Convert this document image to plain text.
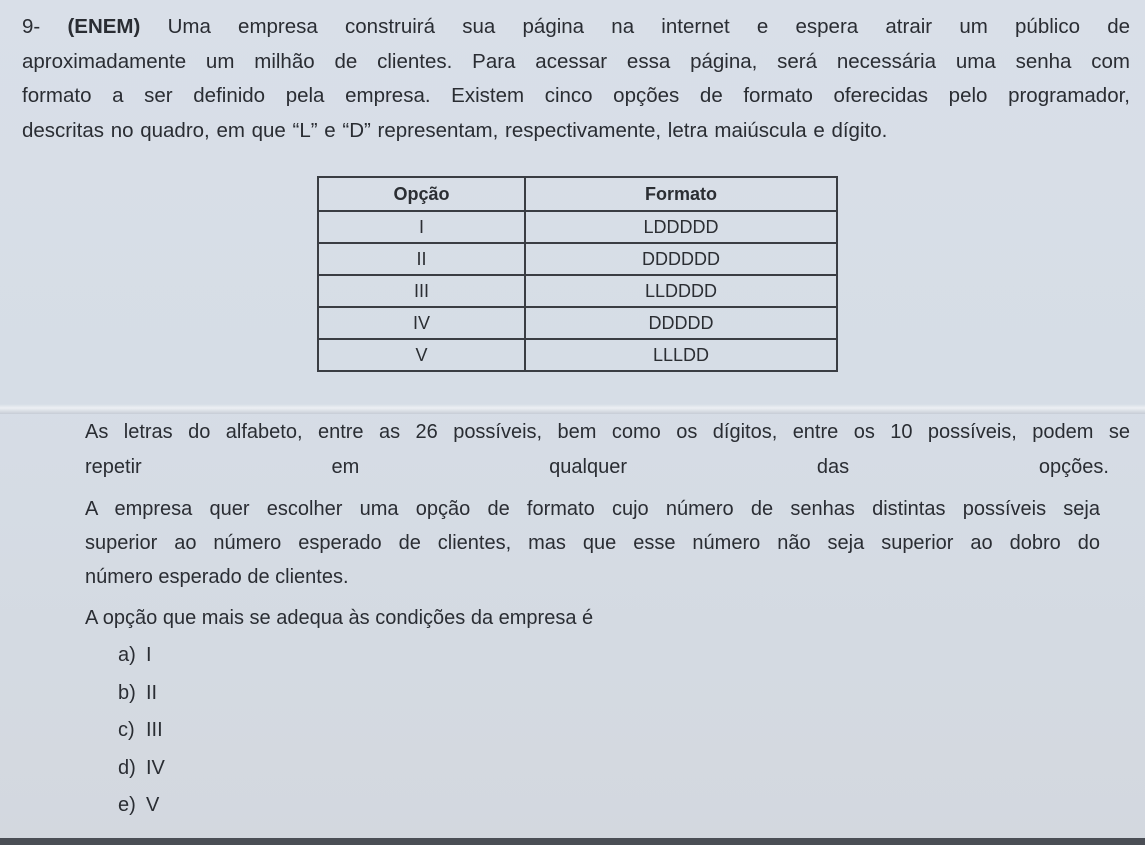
9- (ENEM) Uma empresa construirá sua página na internet e espera atrair um público de
aproximadamente um milhão de clientes. Para acessar essa página, será necessária uma senha com
formato a ser definido pela empresa. Existem cinco opções de formato oferecidas pelo programador,
descritas no quadro, em que “L” e “D” representam, respectivamente, letra maiúscula e dígito.
Opção	Formato
I	LDDDDD
II	DDDDDD
III	LLDDDD
IV	DDDDD
V	LLLDD
As letras do alfabeto, entre as 26 possíveis, bem como os dígitos, entre os 10 possíveis, podem se
repetir	em	qualquer	das	opções.
A empresa quer escolher uma opção de formato cujo número de senhas distintas possíveis seja
superior ao número esperado de clientes, mas que esse número não seja superior ao dobro do
número esperado de clientes.
A opção que mais se adequa às condições da empresa é
a) I
b) II
c) III
d) IV
e) V
